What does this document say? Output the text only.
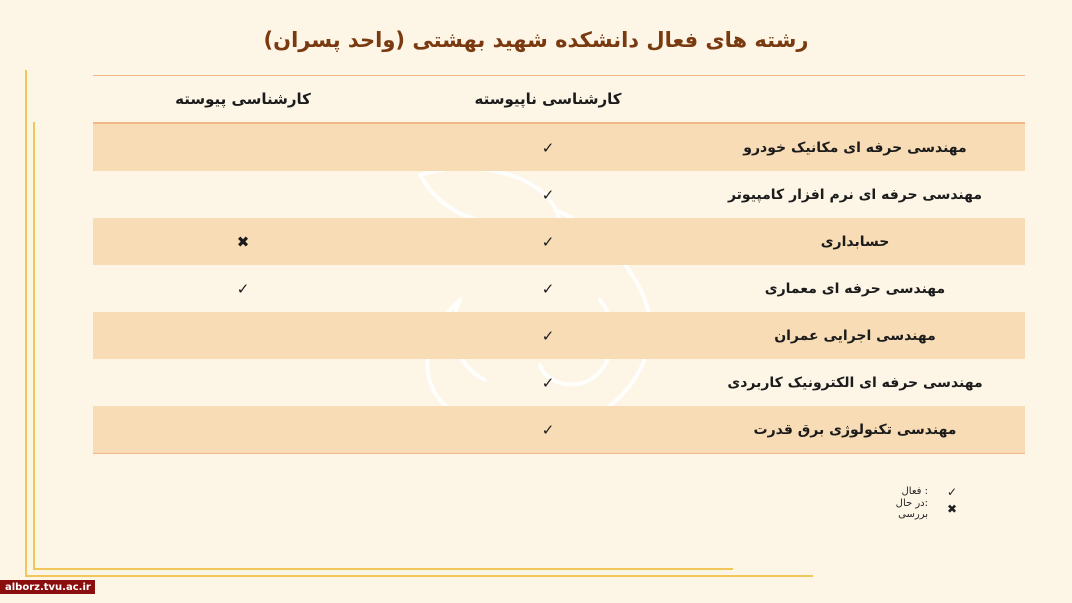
رشته های فعال دانشکده شهید بهشتی (واحد پسران)
کارشناسی ناپیوسته
کارشناسی پیوسته
مهندسی حرفه ای مکانیک خودرو
✓
مهندسی حرفه ای نرم افزار کامپیوتر
✓
حسابداری
✓
✖
مهندسی حرفه ای معماری
✓
✓
مهندسی اجرایی عمران
✓
مهندسی حرفه ای الکترونیک کاربردی
✓
مهندسی تکنولوژی برق قدرت
✓
: فعال ✓
:در حال بررسی ✖
alborz.tvu.ac.ir
